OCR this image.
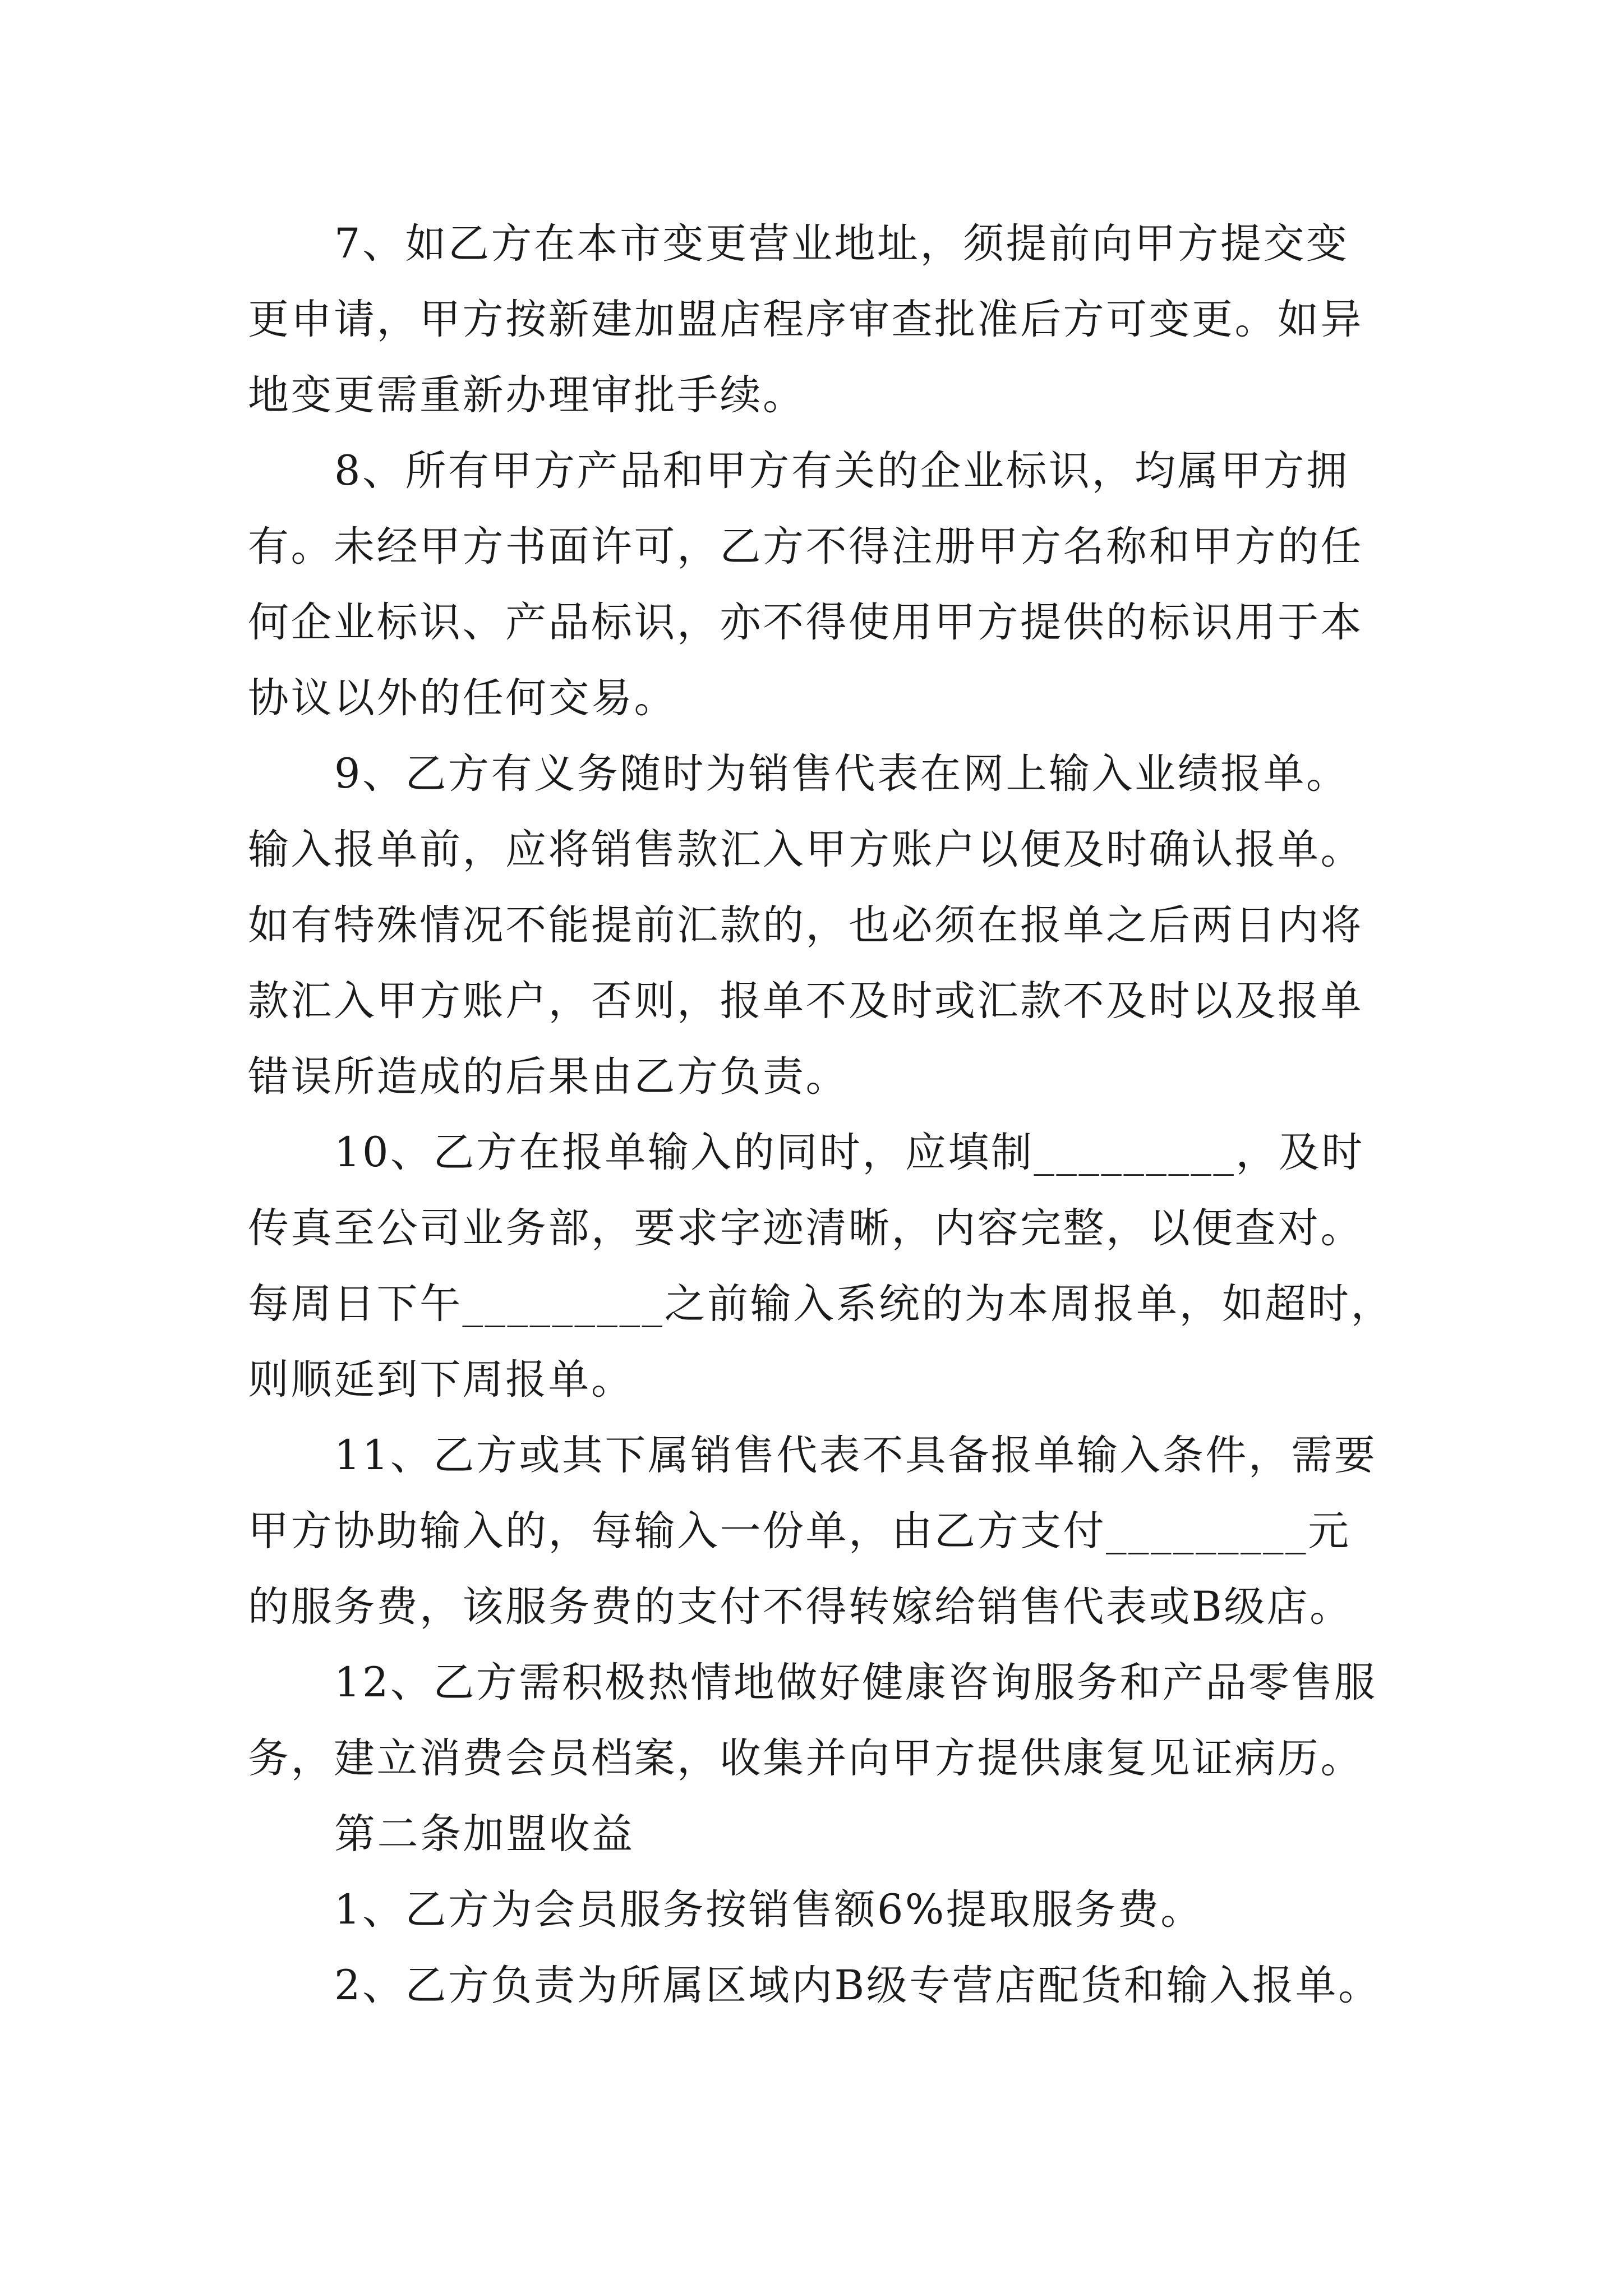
7、如乙方在本市变更营业地址，须提前向甲方提交变
更申请，甲方按新建加盟店程序审查批准后方可变更。如异
地变更需重新办理审批手续。
8、所有甲方产品和甲方有关的企业标识，均属甲方拥
有。未经甲方书面许可，乙方不得注册甲方名称和甲方的任
何企业标识、产品标识，亦不得使用甲方提供的标识用于本
协议以外的任何交易。
9、乙方有义务随时为销售代表在网上输入业绩报单。
输入报单前，应将销售款汇入甲方账户以便及时确认报单。
如有特殊情况不能提前汇款的，也必须在报单之后两日内将
款汇入甲方账户，否则，报单不及时或汇款不及时以及报单
错误所造成的后果由乙方负责。
10、乙方在报单输入的同时，应填制_________，及时
传真至公司业务部，要求字迹清晰，内容完整，以便查对。
每周日下午_________之前输入系统的为本周报单，如超时，
则顺延到下周报单。
11、乙方或其下属销售代表不具备报单输入条件，需要
甲方协助输入的，每输入一份单，由乙方支付_________元
的服务费，该服务费的支付不得转嫁给销售代表或B级店。
12、乙方需积极热情地做好健康咨询服务和产品零售服
务，建立消费会员档案，收集并向甲方提供康复见证病历。
第二条加盟收益
1、乙方为会员服务按销售额6%提取服务费。
2、乙方负责为所属区域内B级专营店配货和输入报单。
